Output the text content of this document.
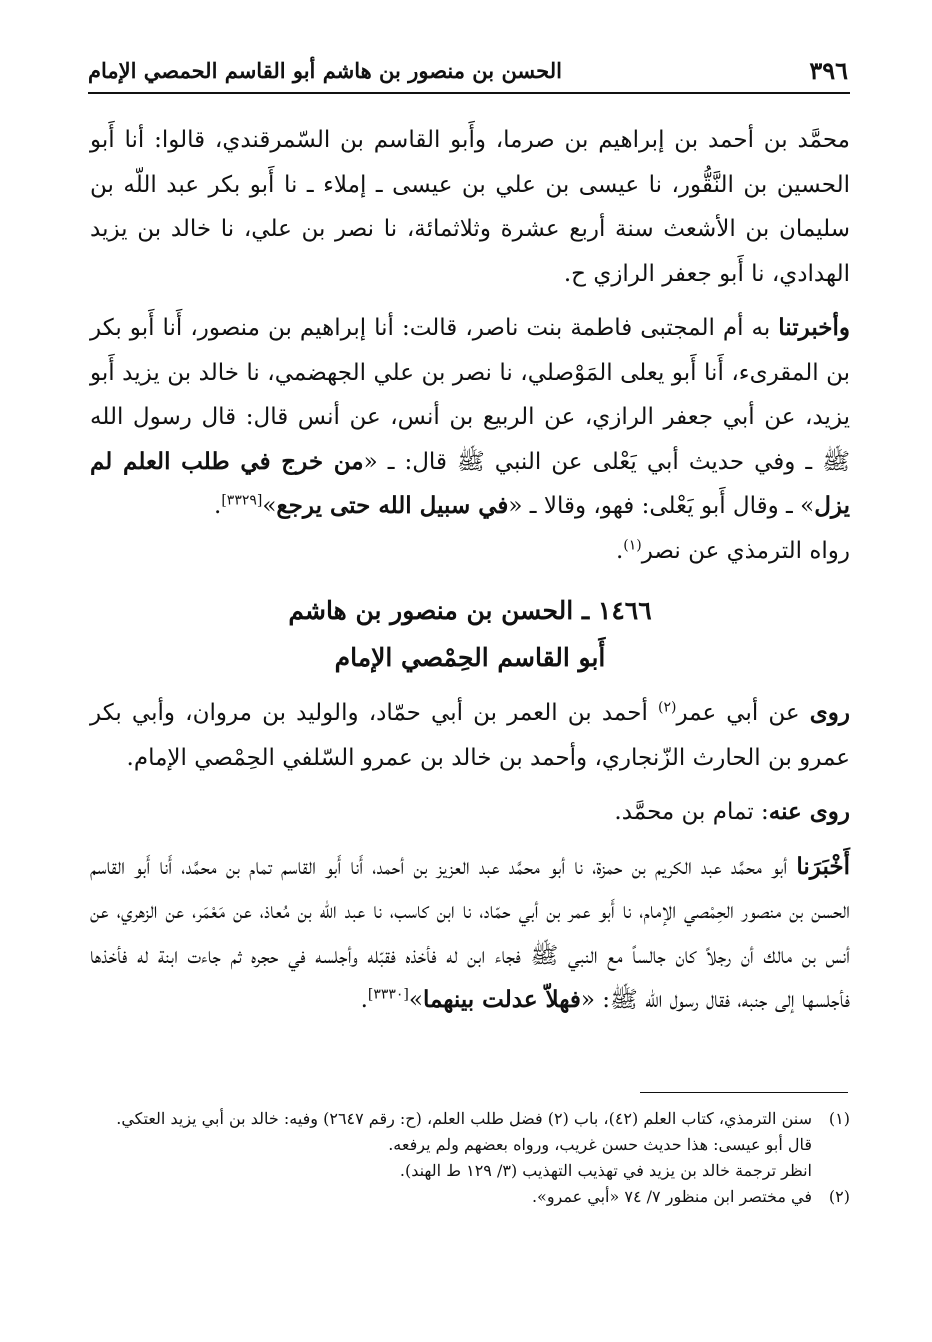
٣٩٦
الحسن بن منصور بن هاشم أبو القاسم الحمصي الإمام

محمَّد بن أحمد بن إبراهيم بن صرما، وأَبو القاسم بن السّمرقندي، قالوا: أنا أَبو الحسين بن النَّقُّور، نا عيسى بن علي بن عيسى ـ إملاء ـ نا أَبو بكر عبد اللّه بن سليمان بن الأشعث سنة أربع عشرة وثلاثمائة، نا نصر بن علي، نا خالد بن يزيد الهدادي، نا أَبو جعفر الرازي ح.

وأخبرتنا به أم المجتبى فاطمة بنت ناصر، قالت: أنا إبراهيم بن منصور، أَنا أَبو بكر بن المقرىء، أَنا أَبو يعلى المَوْصلي، نا نصر بن علي الجهضمي، نا خالد بن يزيد أَبو يزيد، عن أبي جعفر الرازي، عن الربيع بن أنس، عن أنس قال: قال رسول الله ﷺ ـ وفي حديث أبي يَعْلى عن النبي ﷺ قال: ـ «من خرج في طلب العلم لم يزل» ـ وقال أَبو يَعْلى: فهو، وقالا ـ «في سبيل الله حتى يرجع»[٣٣٢٩].

رواه الترمذي عن نصر$^{(١)}$.

١٤٦٦ ـ الحسن بن منصور بن هاشم

أَبو القاسم الحِمْصي الإمام

روى عن أبي عمر$^{(٢)}$ أحمد بن العمر بن أبي حمّاد، والوليد بن مروان، وأبي بكر عمرو بن الحارث الزّنجاري، وأحمد بن خالد بن عمرو السّلفي الحِمْصي الإمام.

روى عنه: تمام بن محمَّد.

أَخْبَرَنا أبو محمَّد عبد الكريم بن حمزة، نا أبو محمَّد عبد العزيز بن أحمد، أَنا أَبو القاسم تمام بن محمَّد، أَنا أَبو القاسم الحسن بن منصور الحِمْصي الإمام، نا أَبو عمر بن أبي حمّاد، نا ابن كاسب، نا عبد اللّه بن مُعاذ، عن مَعْمَر، عن الزهري، عن أنس بن مالك أن رجلاً كان جالساً مع النبي ﷺ فجاء ابن له فأخذه فقبّله وأجلسه في حجره ثم جاءت ابنة له فأخذها فأجلسها إلى جنبه، فقال رسول الله ﷺ: «فهلاّ عدلت بينهما»[٣٣٣٠].

(١)سنن الترمذي، كتاب العلم (٤٢)، باب (٢) فضل طلب العلم، (ح: رقم ٢٦٤٧) وفيه: خالد بن أبي يزيد العتكي.

قال أبو عيسى: هذا حديث حسن غريب، ورواه بعضهم ولم يرفعه.

انظر ترجمة خالد بن يزيد في تهذيب التهذيب (٣/ ١٢٩ ط الهند).

(٢)في مختصر ابن منظور ٧/ ٧٤ «أبي عمرو».
